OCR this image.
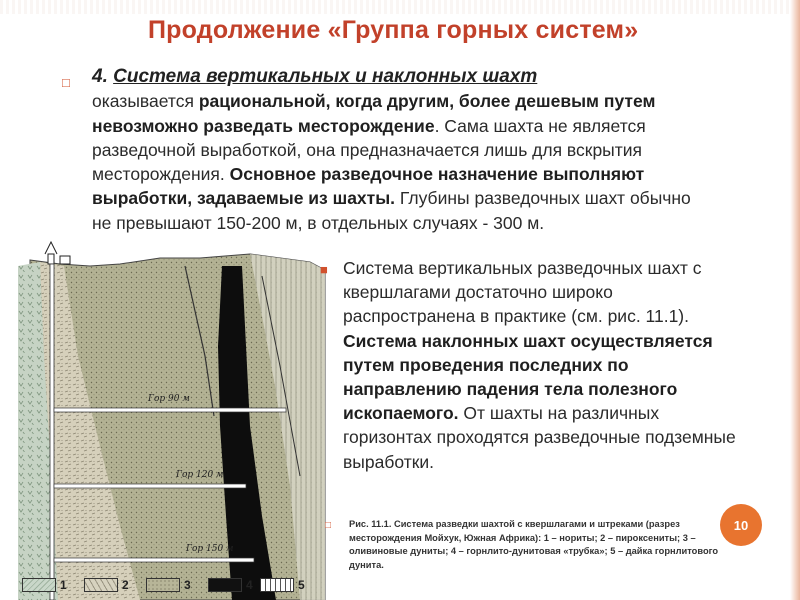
Продолжение «Группа горных систем»
□ 4. Система вертикальных и наклонных шахт
оказывается рациональной, когда другим, более дешевым путем невозможно разведать месторождение. Сама шахта не является разведочной выработкой, она предназначается лишь для вскрытия месторождения. Основное разведочное назначение выполняют выработки, задаваемые из шахты. Глубины разведочных шахт обычно не превышают 150-200 м, в отдельных случаях - 300 м.
Гор 90 м
Гор 120 м
Гор 150 м
1	2	3	4	5
■ Система вертикальных разведочных шахт с квершлагами достаточно широко распространена в практике (см. рис. 11.1). Система наклонных шахт осуществляется путем проведения последних по направлению падения тела полезного ископаемого. От шахты на различных горизонтах проходятся разведочные подземные выработки.
□	Рис. 11.1. Система разведки шахтой с квершлагами и штреками (разрез месторождения Мойхук, Южная Африка): 1 – нориты; 2 – пироксениты; 3 – оливиновые дуниты; 4 – горнлито-дунитовая «трубка»; 5 – дайка горнлитового дунита.
10
